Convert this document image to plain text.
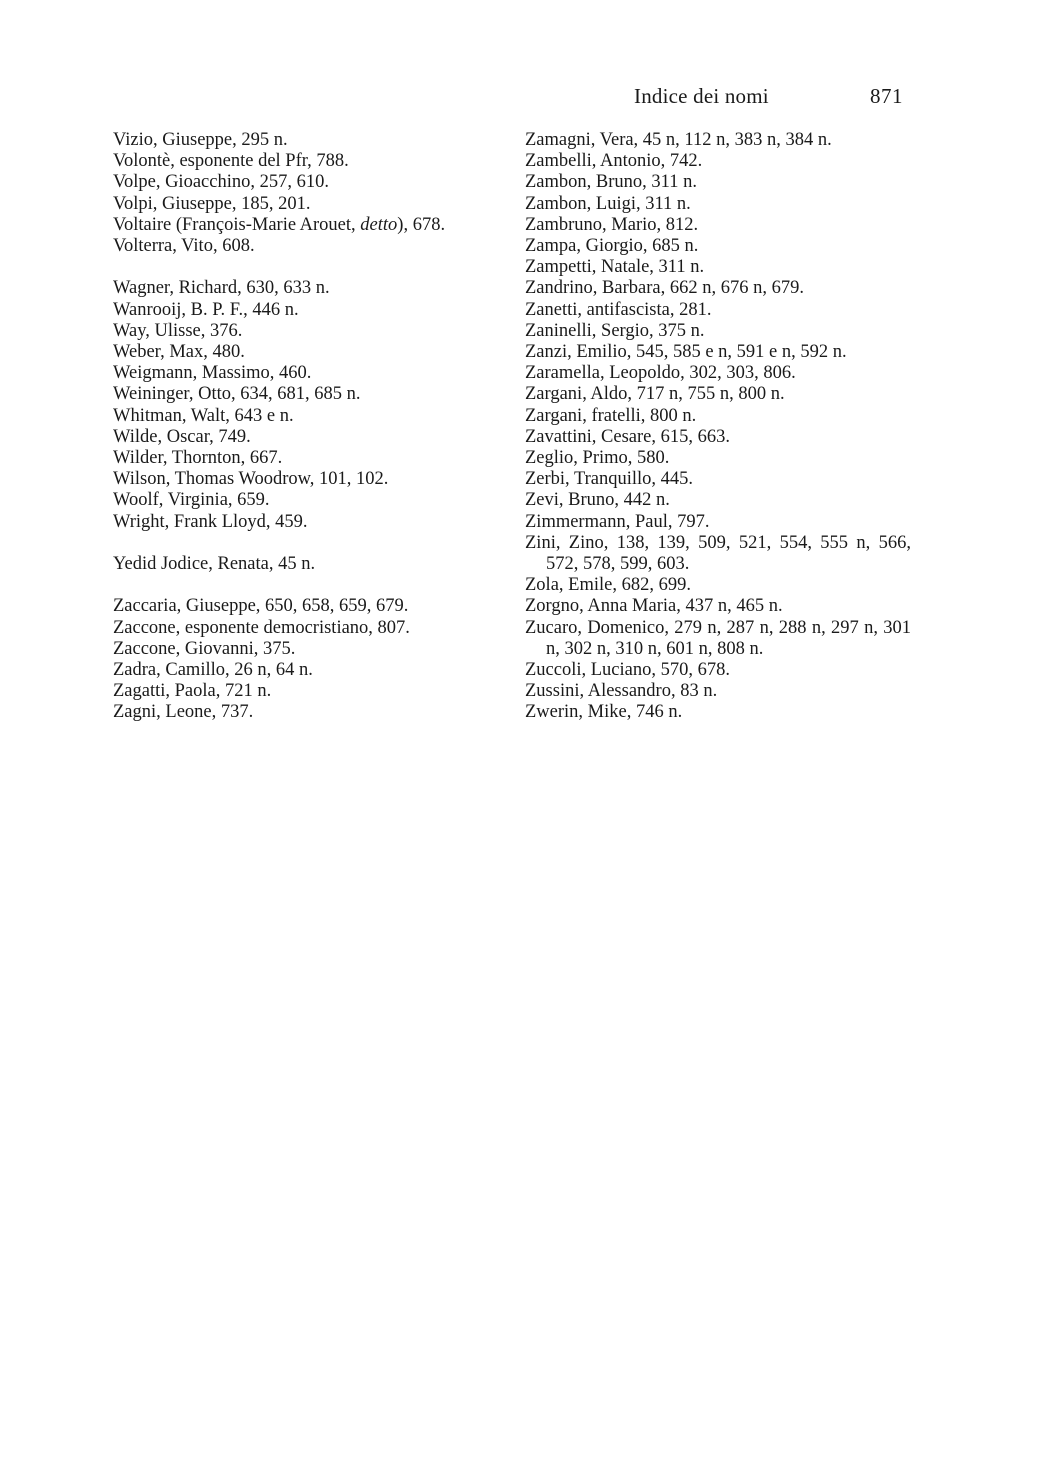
Indice dei nomi	871
Vizio, Giuseppe, 295 n.
Volontè, esponente del Pfr, 788.
Volpe, Gioacchino, 257, 610.
Volpi, Giuseppe, 185, 201.
Voltaire (François-Marie Arouet, detto), 678.
Volterra, Vito, 608.
Wagner, Richard, 630, 633 n.
Wanrooij, B. P. F., 446 n.
Way, Ulisse, 376.
Weber, Max, 480.
Weigmann, Massimo, 460.
Weininger, Otto, 634, 681, 685 n.
Whitman, Walt, 643 e n.
Wilde, Oscar, 749.
Wilder, Thornton, 667.
Wilson, Thomas Woodrow, 101, 102.
Woolf, Virginia, 659.
Wright, Frank Lloyd, 459.
Yedid Jodice, Renata, 45 n.
Zaccaria, Giuseppe, 650, 658, 659, 679.
Zaccone, esponente democristiano, 807.
Zaccone, Giovanni, 375.
Zadra, Camillo, 26 n, 64 n.
Zagatti, Paola, 721 n.
Zagni, Leone, 737.
Zamagni, Vera, 45 n, 112 n, 383 n, 384 n.
Zambelli, Antonio, 742.
Zambon, Bruno, 311 n.
Zambon, Luigi, 311 n.
Zambruno, Mario, 812.
Zampa, Giorgio, 685 n.
Zampetti, Natale, 311 n.
Zandrino, Barbara, 662 n, 676 n, 679.
Zanetti, antifascista, 281.
Zaninelli, Sergio, 375 n.
Zanzi, Emilio, 545, 585 e n, 591 e n, 592 n.
Zaramella, Leopoldo, 302, 303, 806.
Zargani, Aldo, 717 n, 755 n, 800 n.
Zargani, fratelli, 800 n.
Zavattini, Cesare, 615, 663.
Zeglio, Primo, 580.
Zerbi, Tranquillo, 445.
Zevi, Bruno, 442 n.
Zimmermann, Paul, 797.
Zini, Zino, 138, 139, 509, 521, 554, 555 n, 566, 572, 578, 599, 603.
Zola, Emile, 682, 699.
Zorgno, Anna Maria, 437 n, 465 n.
Zucaro, Domenico, 279 n, 287 n, 288 n, 297 n, 301 n, 302 n, 310 n, 601 n, 808 n.
Zuccoli, Luciano, 570, 678.
Zussini, Alessandro, 83 n.
Zwerin, Mike, 746 n.
